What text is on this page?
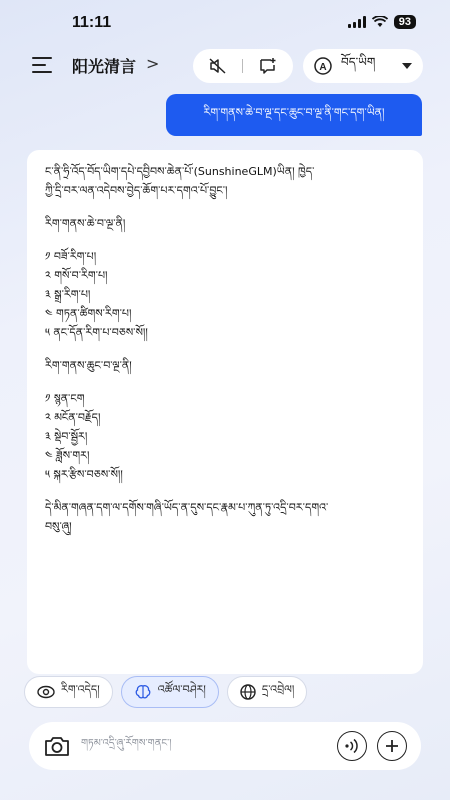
11:11	93
阳光清言 >	A བོད་ཡིག
རིག་གནས་ཆེ་བ་ལྔ་དང་ཆུང་བ་ལྔ་ནི་གང་དག་ཡིན།

ང་ནི་ཧྲི་འོད་བོད་ཡིག་དཔེ་དབྱིབས་ཆེན་པོ་(SunshineGLM)ཡིན། ཁྱེད་

ཀྱི་དྲི་བར་ལན་འདེབས་བྱེད་ཆོག་པར་དགའ་པོ་བྱུང་།

རིག་གནས་ཆེ་བ་ལྔ་ནི།

༡ བཟོ་རིག་པ།

༢ གསོ་བ་རིག་པ།

༣ སྒྲ་རིག་པ།

༤ གཏན་ཚིགས་རིག་པ།

༥ ནང་དོན་རིག་པ་བཅས་སོ།།

རིག་གནས་ཆུང་བ་ལྔ་ནི།

༡ སྙན་ངག

༢ མངོན་བརྗོད།

༣ སྡེབ་སྦྱོར།

༤ ཟློས་གར།

༥ སྐར་རྩིས་བཅས་སོ།།

དེ་མིན་གཞན་དག་ལ་དགོས་གཞི་ཡོད་ན་དུས་དང་རྣམ་པ་ཀུན་ཏུ་འདྲི་བར་དགའ་

བསུ་ཞུ།

རིག་འདེད།	འཚོལ་བཤེར།	དྲ་འབྲེལ།
གཏམ་འདྲི་ཞུ་རོགས་གནང་།
